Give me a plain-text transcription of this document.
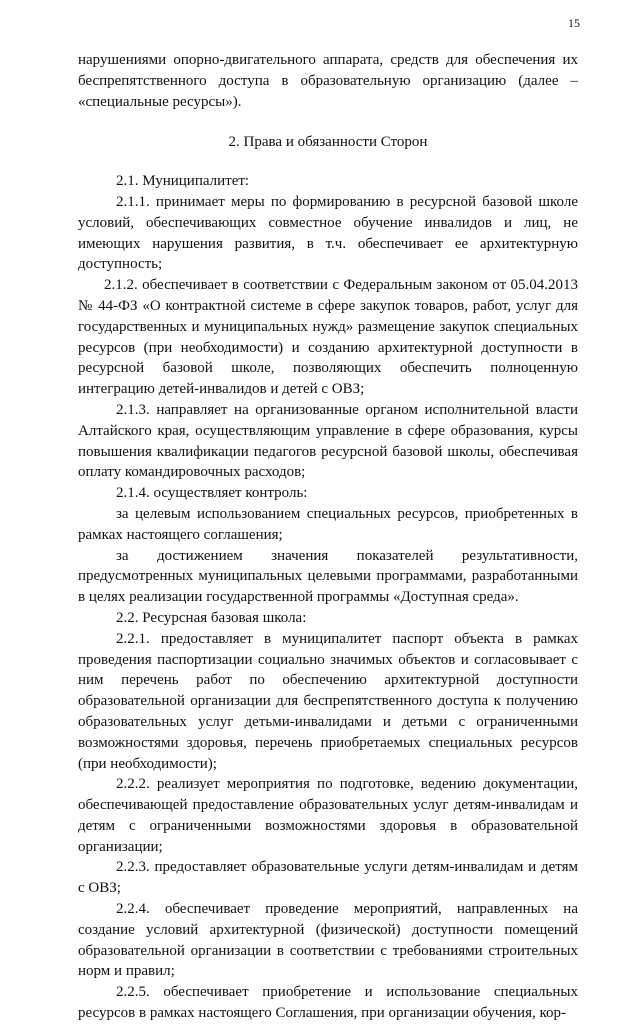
15

нарушениями опорно-двигательного аппарата, средств для обеспечения их беспрепятственного доступа в образовательную организацию (далее – «специальные ресурсы»).

2. Права и обязанности Сторон

2.1. Муниципалитет:

2.1.1. принимает меры по формированию в ресурсной базовой школе условий, обеспечивающих совместное обучение инвалидов и лиц, не имеющих нарушения развития, в т.ч. обеспечивает ее архитектурную доступность;

2.1.2. обеспечивает в соответствии с Федеральным законом от 05.04.2013 № 44-ФЗ «О контрактной системе в сфере закупок товаров, работ, услуг для государственных и муниципальных нужд» размещение закупок специальных ресурсов (при необходимости) и созданию архитектурной доступности в ресурсной базовой школе, позволяющих обеспечить полноценную интеграцию детей-инвалидов и детей с ОВЗ;

2.1.3. направляет на организованные органом исполнительной власти Алтайского края, осуществляющим управление в сфере образования, курсы повышения квалификации педагогов ресурсной базовой школы, обеспечивая оплату командировочных расходов;

2.1.4. осуществляет контроль:

за целевым использованием специальных ресурсов, приобретенных в рамках настоящего соглашения;

за достижением значения показателей результативности, предусмотренных муниципальных целевыми программами, разработанными в целях реализации государственной программы «Доступная среда».

2.2. Ресурсная базовая школа:

2.2.1. предоставляет в муниципалитет паспорт объекта в рамках проведения паспортизации социально значимых объектов и согласовывает с ним перечень работ по обеспечению архитектурной доступности образовательной организации для беспрепятственного доступа к получению образовательных услуг детьми-инвалидами и детьми с ограниченными возможностями здоровья, перечень приобретаемых специальных ресурсов (при необходимости);

2.2.2. реализует мероприятия по подготовке, ведению документации, обеспечивающей предоставление образовательных услуг детям-инвалидам и детям с ограниченными возможностями здоровья в образовательной организации;

2.2.3. предоставляет образовательные услуги детям-инвалидам и детям с ОВЗ;

2.2.4. обеспечивает проведение мероприятий, направленных на создание условий архитектурной (физической) доступности помещений образовательной организации в соответствии с требованиями строительных норм и правил;

2.2.5. обеспечивает приобретение и использование специальных ресурсов в рамках настоящего Соглашения, при организации обучения, кор-
